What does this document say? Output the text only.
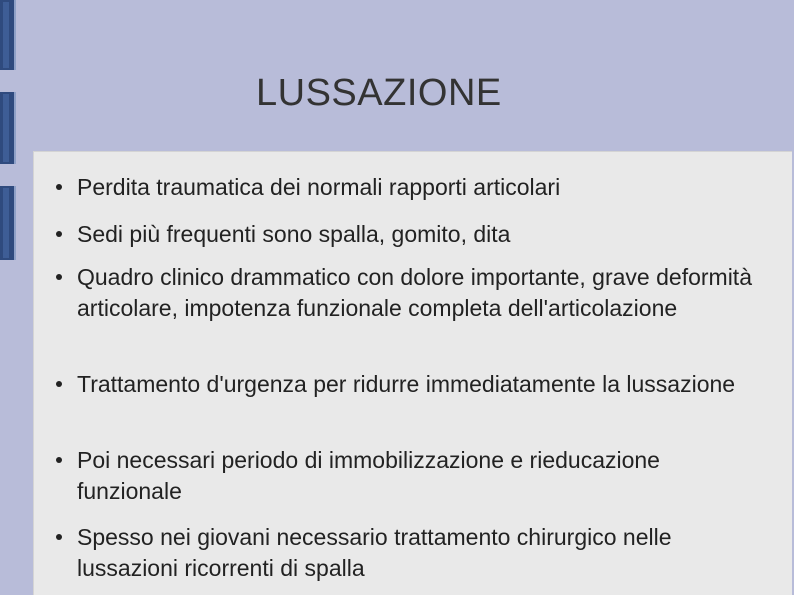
LUSSAZIONE
Perdita traumatica dei normali rapporti articolari
Sedi più frequenti sono spalla, gomito, dita
Quadro clinico drammatico con dolore importante, grave deformità articolare, impotenza funzionale completa dell'articolazione
Trattamento d'urgenza per ridurre immediatamente la lussazione
Poi necessari periodo di immobilizzazione e rieducazione funzionale
Spesso nei giovani necessario trattamento chirurgico nelle lussazioni ricorrenti di spalla
